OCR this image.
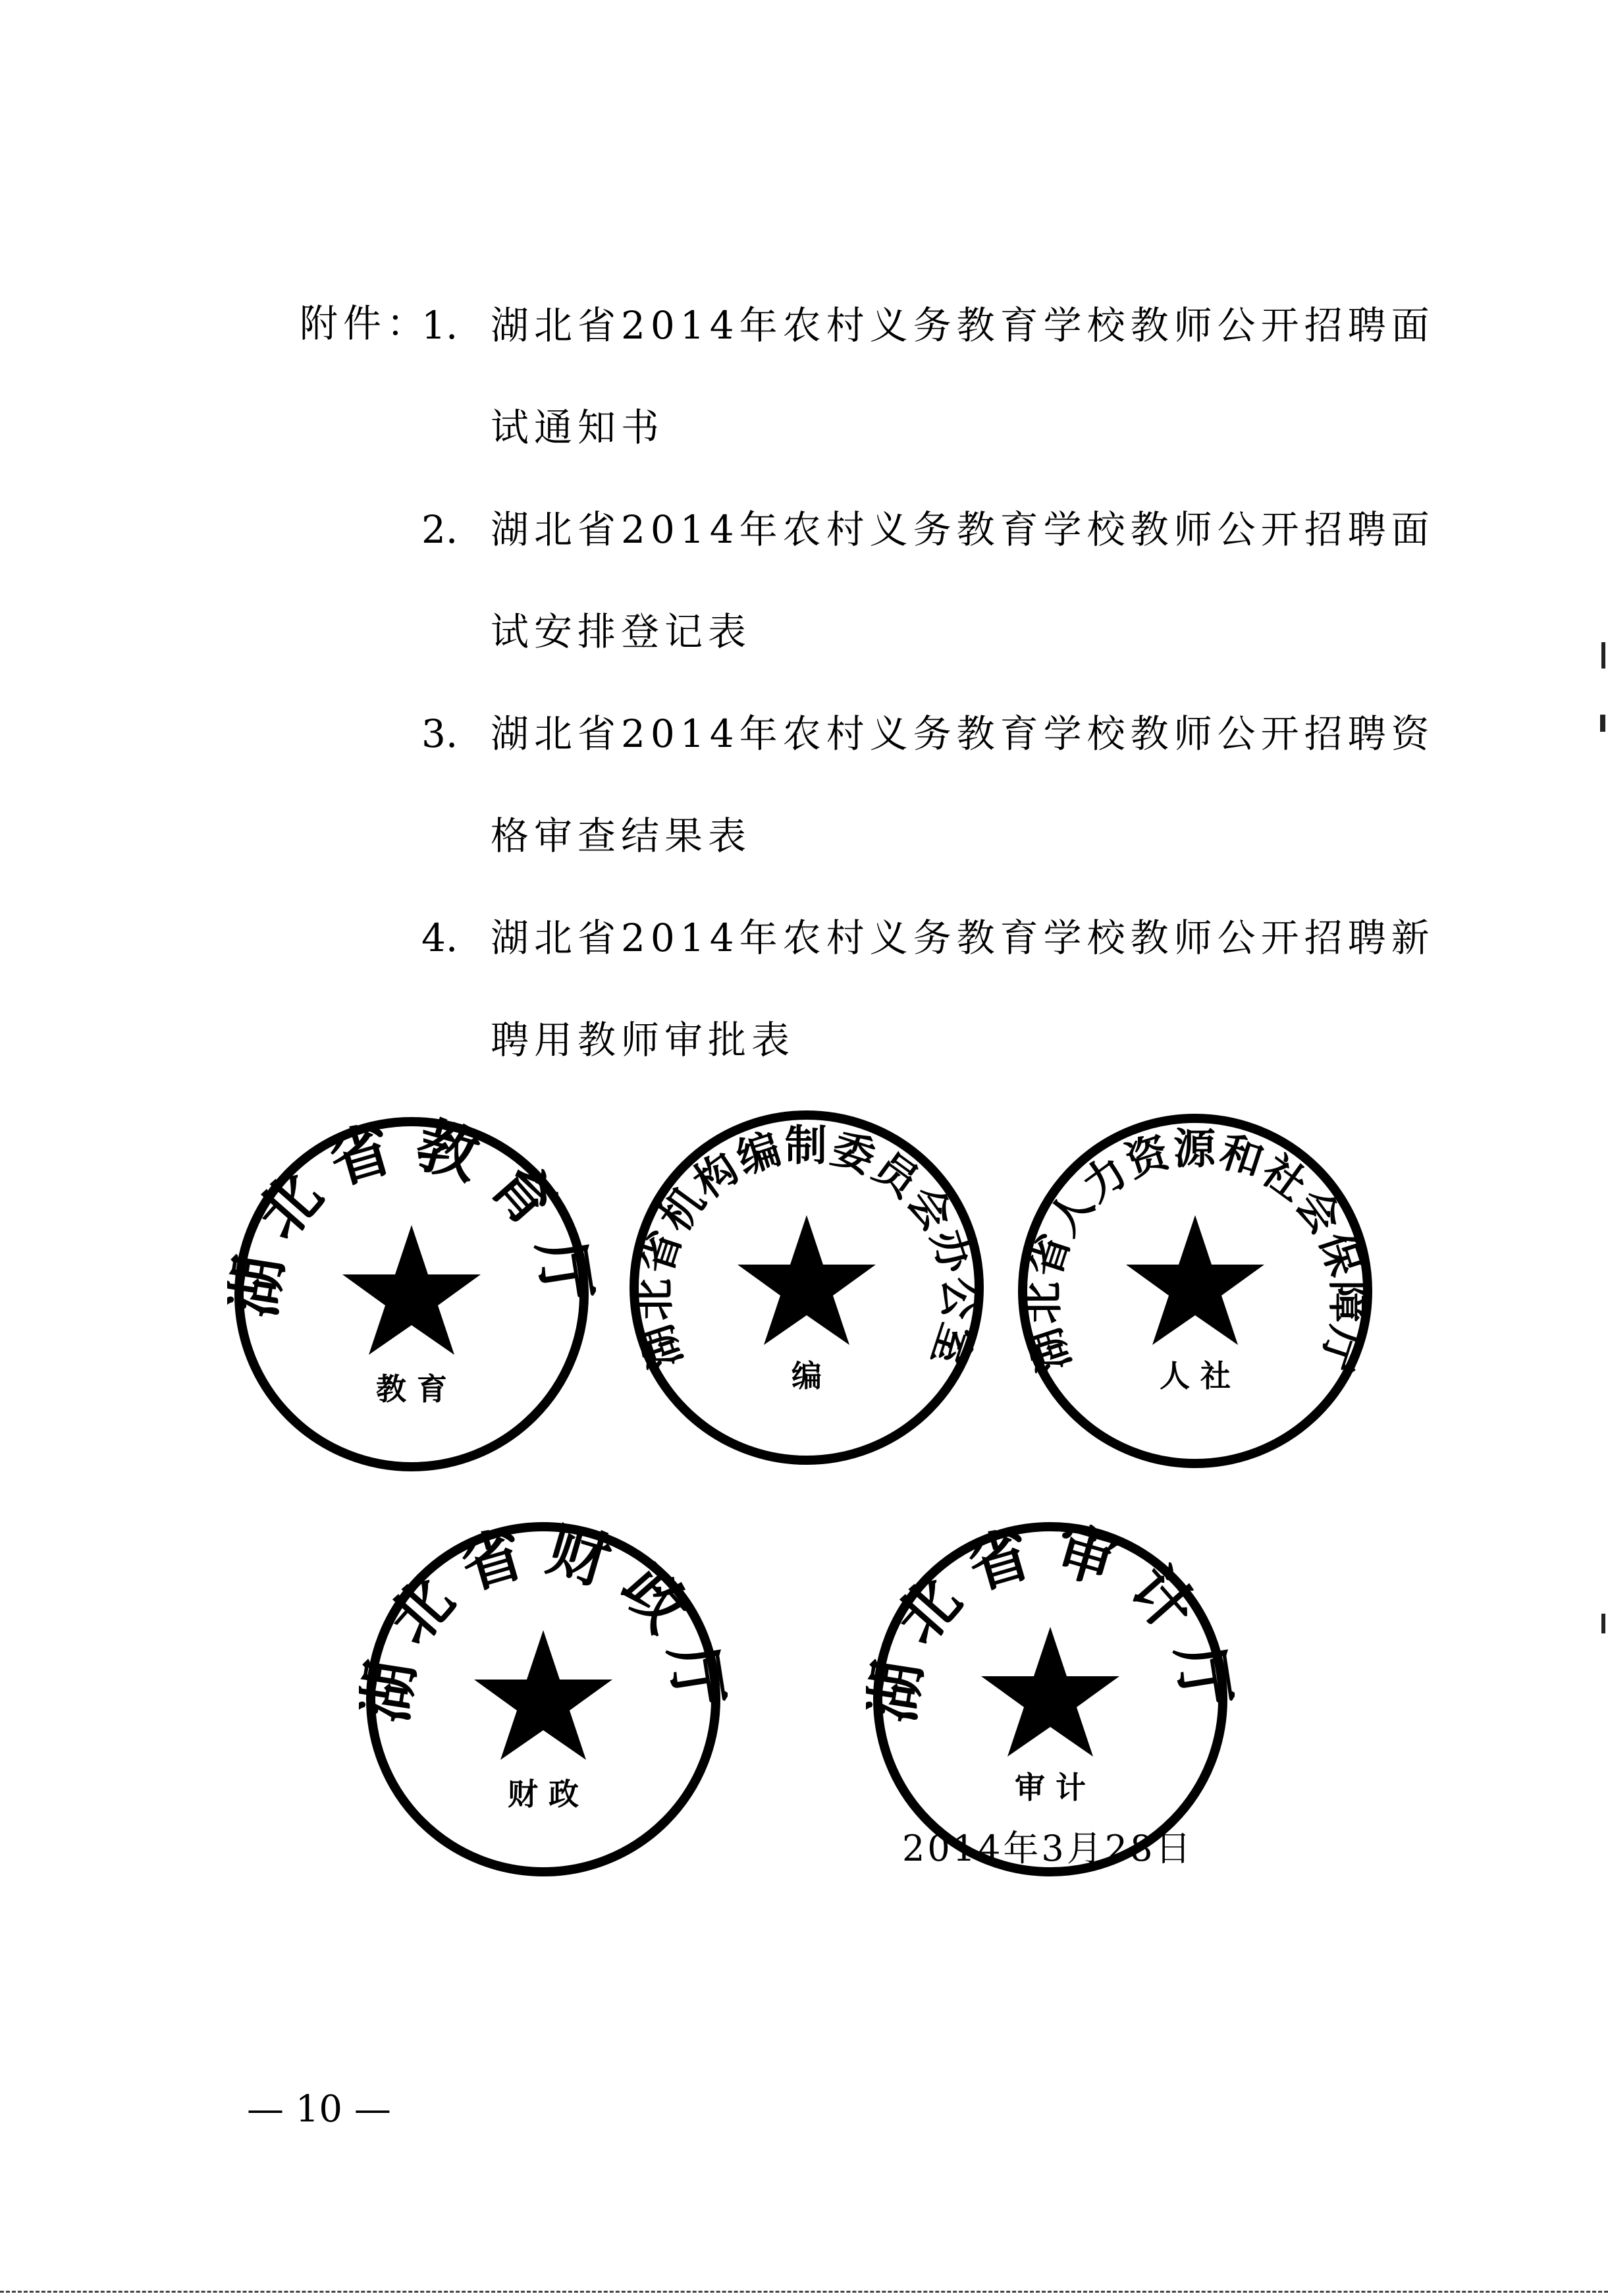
附件：
1. 湖北省2014年农村义务教育学校教师公开招聘面
试通知书
2. 湖北省2014年农村义务教育学校教师公开招聘面
试安排登记表
3. 湖北省2014年农村义务教育学校教师公开招聘资
格审查结果表
4. 湖北省2014年农村义务教育学校教师公开招聘新
聘用教师审批表
北省教育
教 育
湖北省机构编制委员会办公室
编	湖北省人力资源和社会保障厅
人 社
北省财政
财 政
北省审计
审 计
2014年3月28日
— 10 —
